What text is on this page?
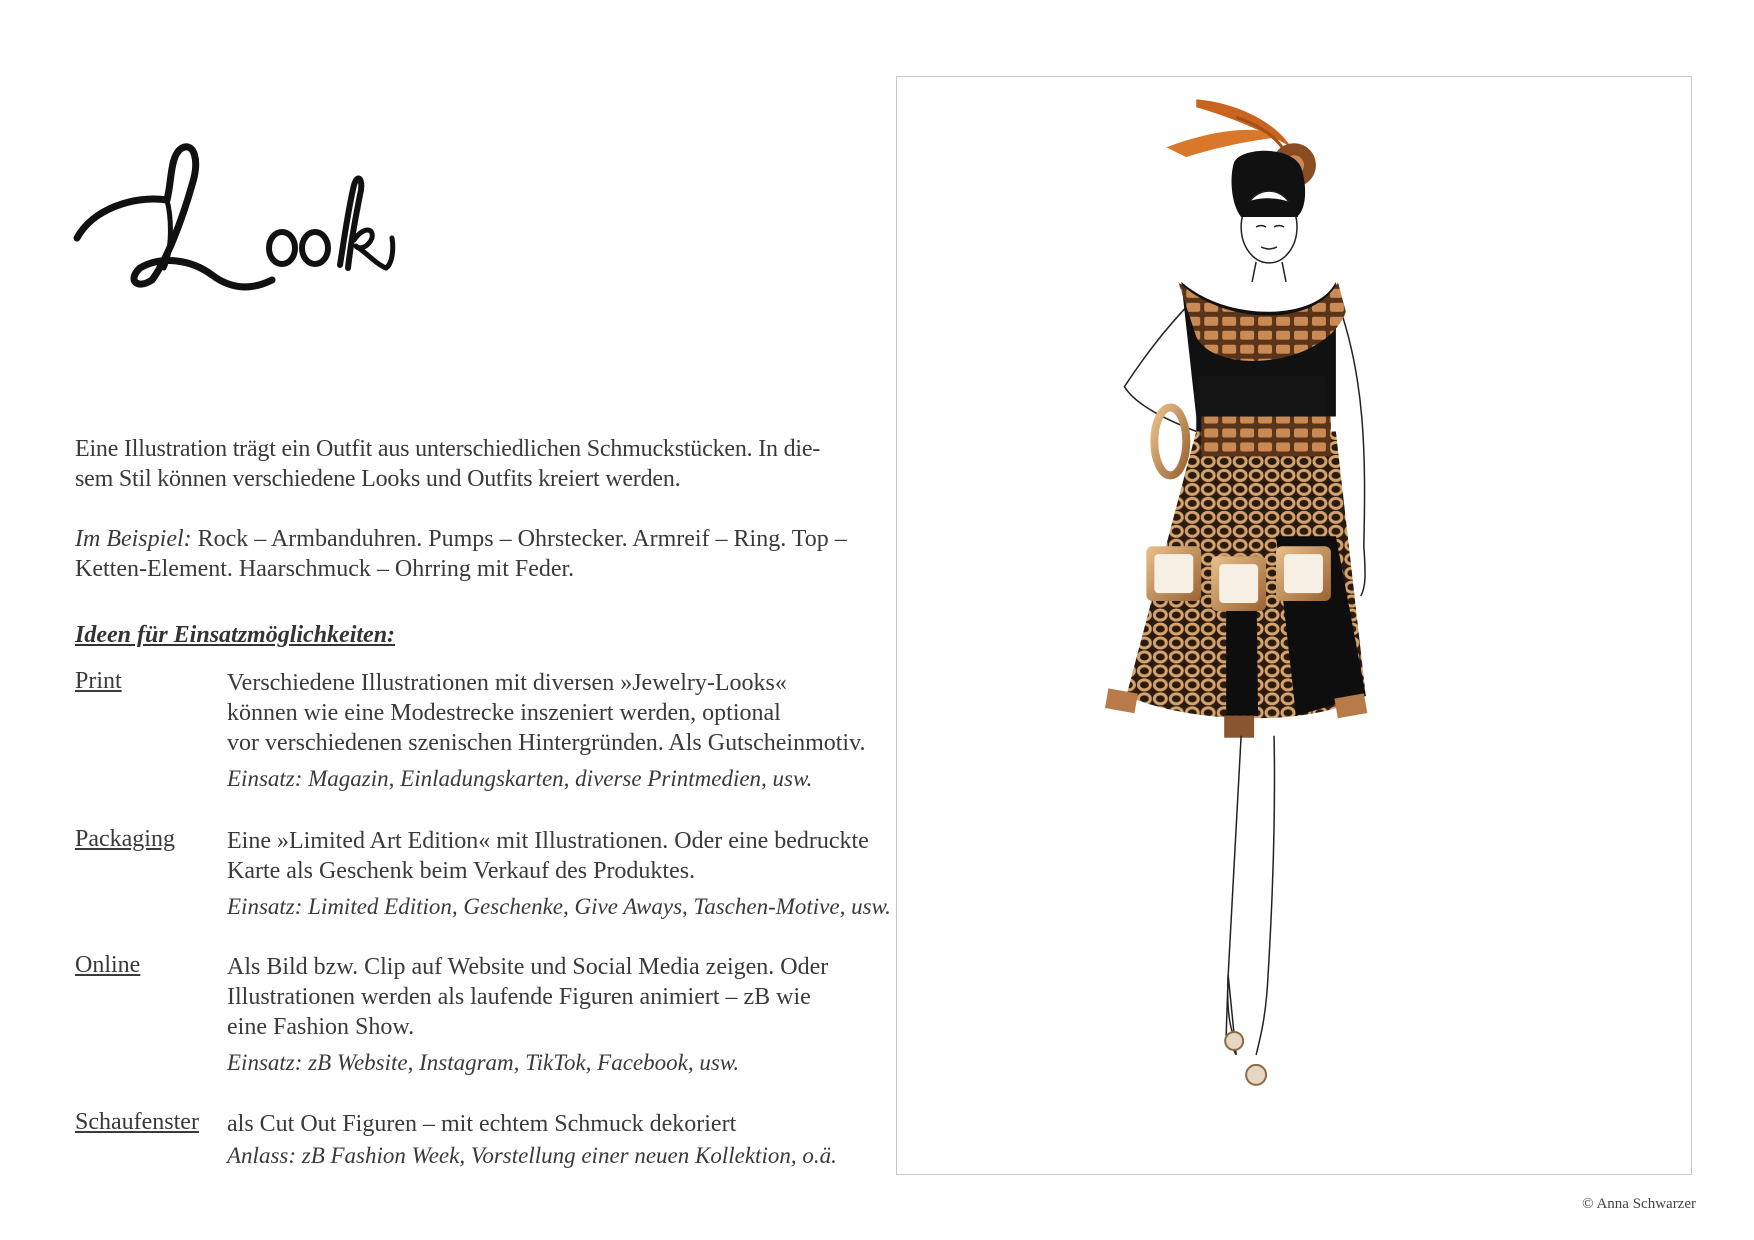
Look

Eine Illustration trägt ein Outfit aus unterschiedlichen Schmuckstücken. In die-

sem Stil können verschiedene Looks und Outfits kreiert werden.

Im Beispiel: Rock – Armbanduhren. Pumps – Ohrstecker. Armreif – Ring. Top –

Ketten-Element. Haarschmuck – Ohrring mit Feder.

Ideen für Einsatzmöglichkeiten:
Print	Verschiedene Illustrationen mit diversen »Jewelry-Looks«

können wie eine Modestrecke inszeniert werden, optional

vor verschiedenen szenischen Hintergründen. Als Gutscheinmotiv.

Einsatz: Magazin, Einladungskarten, diverse Printmedien, usw.

Packaging Eine »Limited Art Edition« mit Illustrationen. Oder eine bedruckte

Karte als Geschenk beim Verkauf des Produktes.

Einsatz: Limited Edition, Geschenke, Give Aways, Taschen-Motive, usw.

Online	Als Bild bzw. Clip auf Website und Social Media zeigen. Oder

Illustrationen werden als laufende Figuren animiert – zB wie

eine Fashion Show.

Einsatz: zB Website, Instagram, TikTok, Facebook, usw.

Schaufenster als Cut Out Figuren – mit echtem Schmuck dekoriert

Anlass: zB Fashion Week, Vorstellung einer neuen Kollektion, o.ä.

© Anna Schwarzer
